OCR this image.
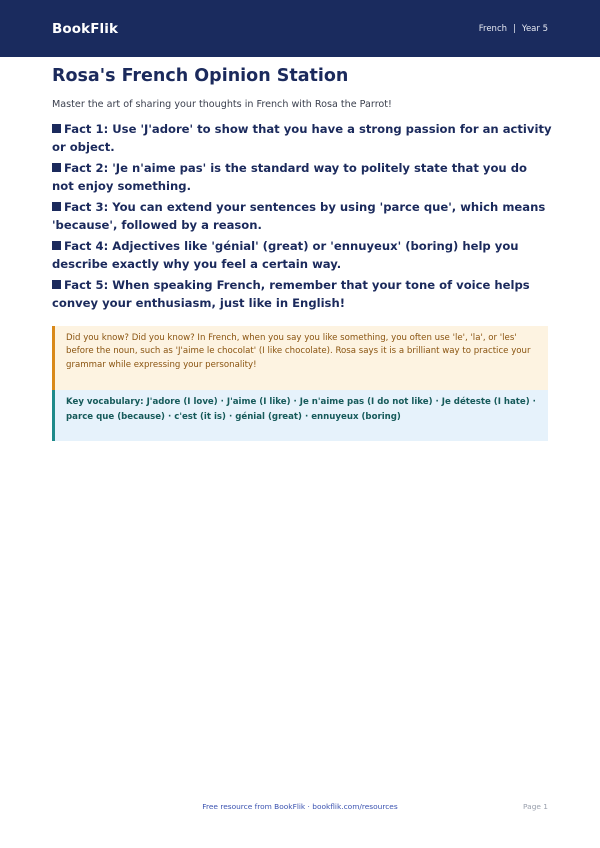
BookFlik	French | Year 5
Rosa's French Opinion Station

Master the art of sharing your thoughts in French with Rosa the Parrot!

Fact 1: Use 'J'adore' to show that you have a strong passion for an activity or object.
Fact 2: 'Je n'aime pas' is the standard way to politely state that you do not enjoy something.
Fact 3: You can extend your sentences by using 'parce que', which means 'because', followed by a reason.
Fact 4: Adjectives like 'génial' (great) or 'ennuyeux' (boring) help you describe exactly why you feel a certain way.
Fact 5: When speaking French, remember that your tone of voice helps convey your enthusiasm, just like in English!
Did you know? Did you know? In French, when you say you like something, you often use 'le', 'la', or 'les' before the noun, such as 'J'aime le chocolat' (I like chocolate). Rosa says it is a brilliant way to practice your grammar while expressing your personality!
Key vocabulary: J'adore (I love) · J'aime (I like) · Je n'aime pas (I do not like) · Je déteste (I hate) · parce que (because) · c'est (it is) · génial (great) · ennuyeux (boring)
Free resource from BookFlik · bookflik.com/resources	Page 1
